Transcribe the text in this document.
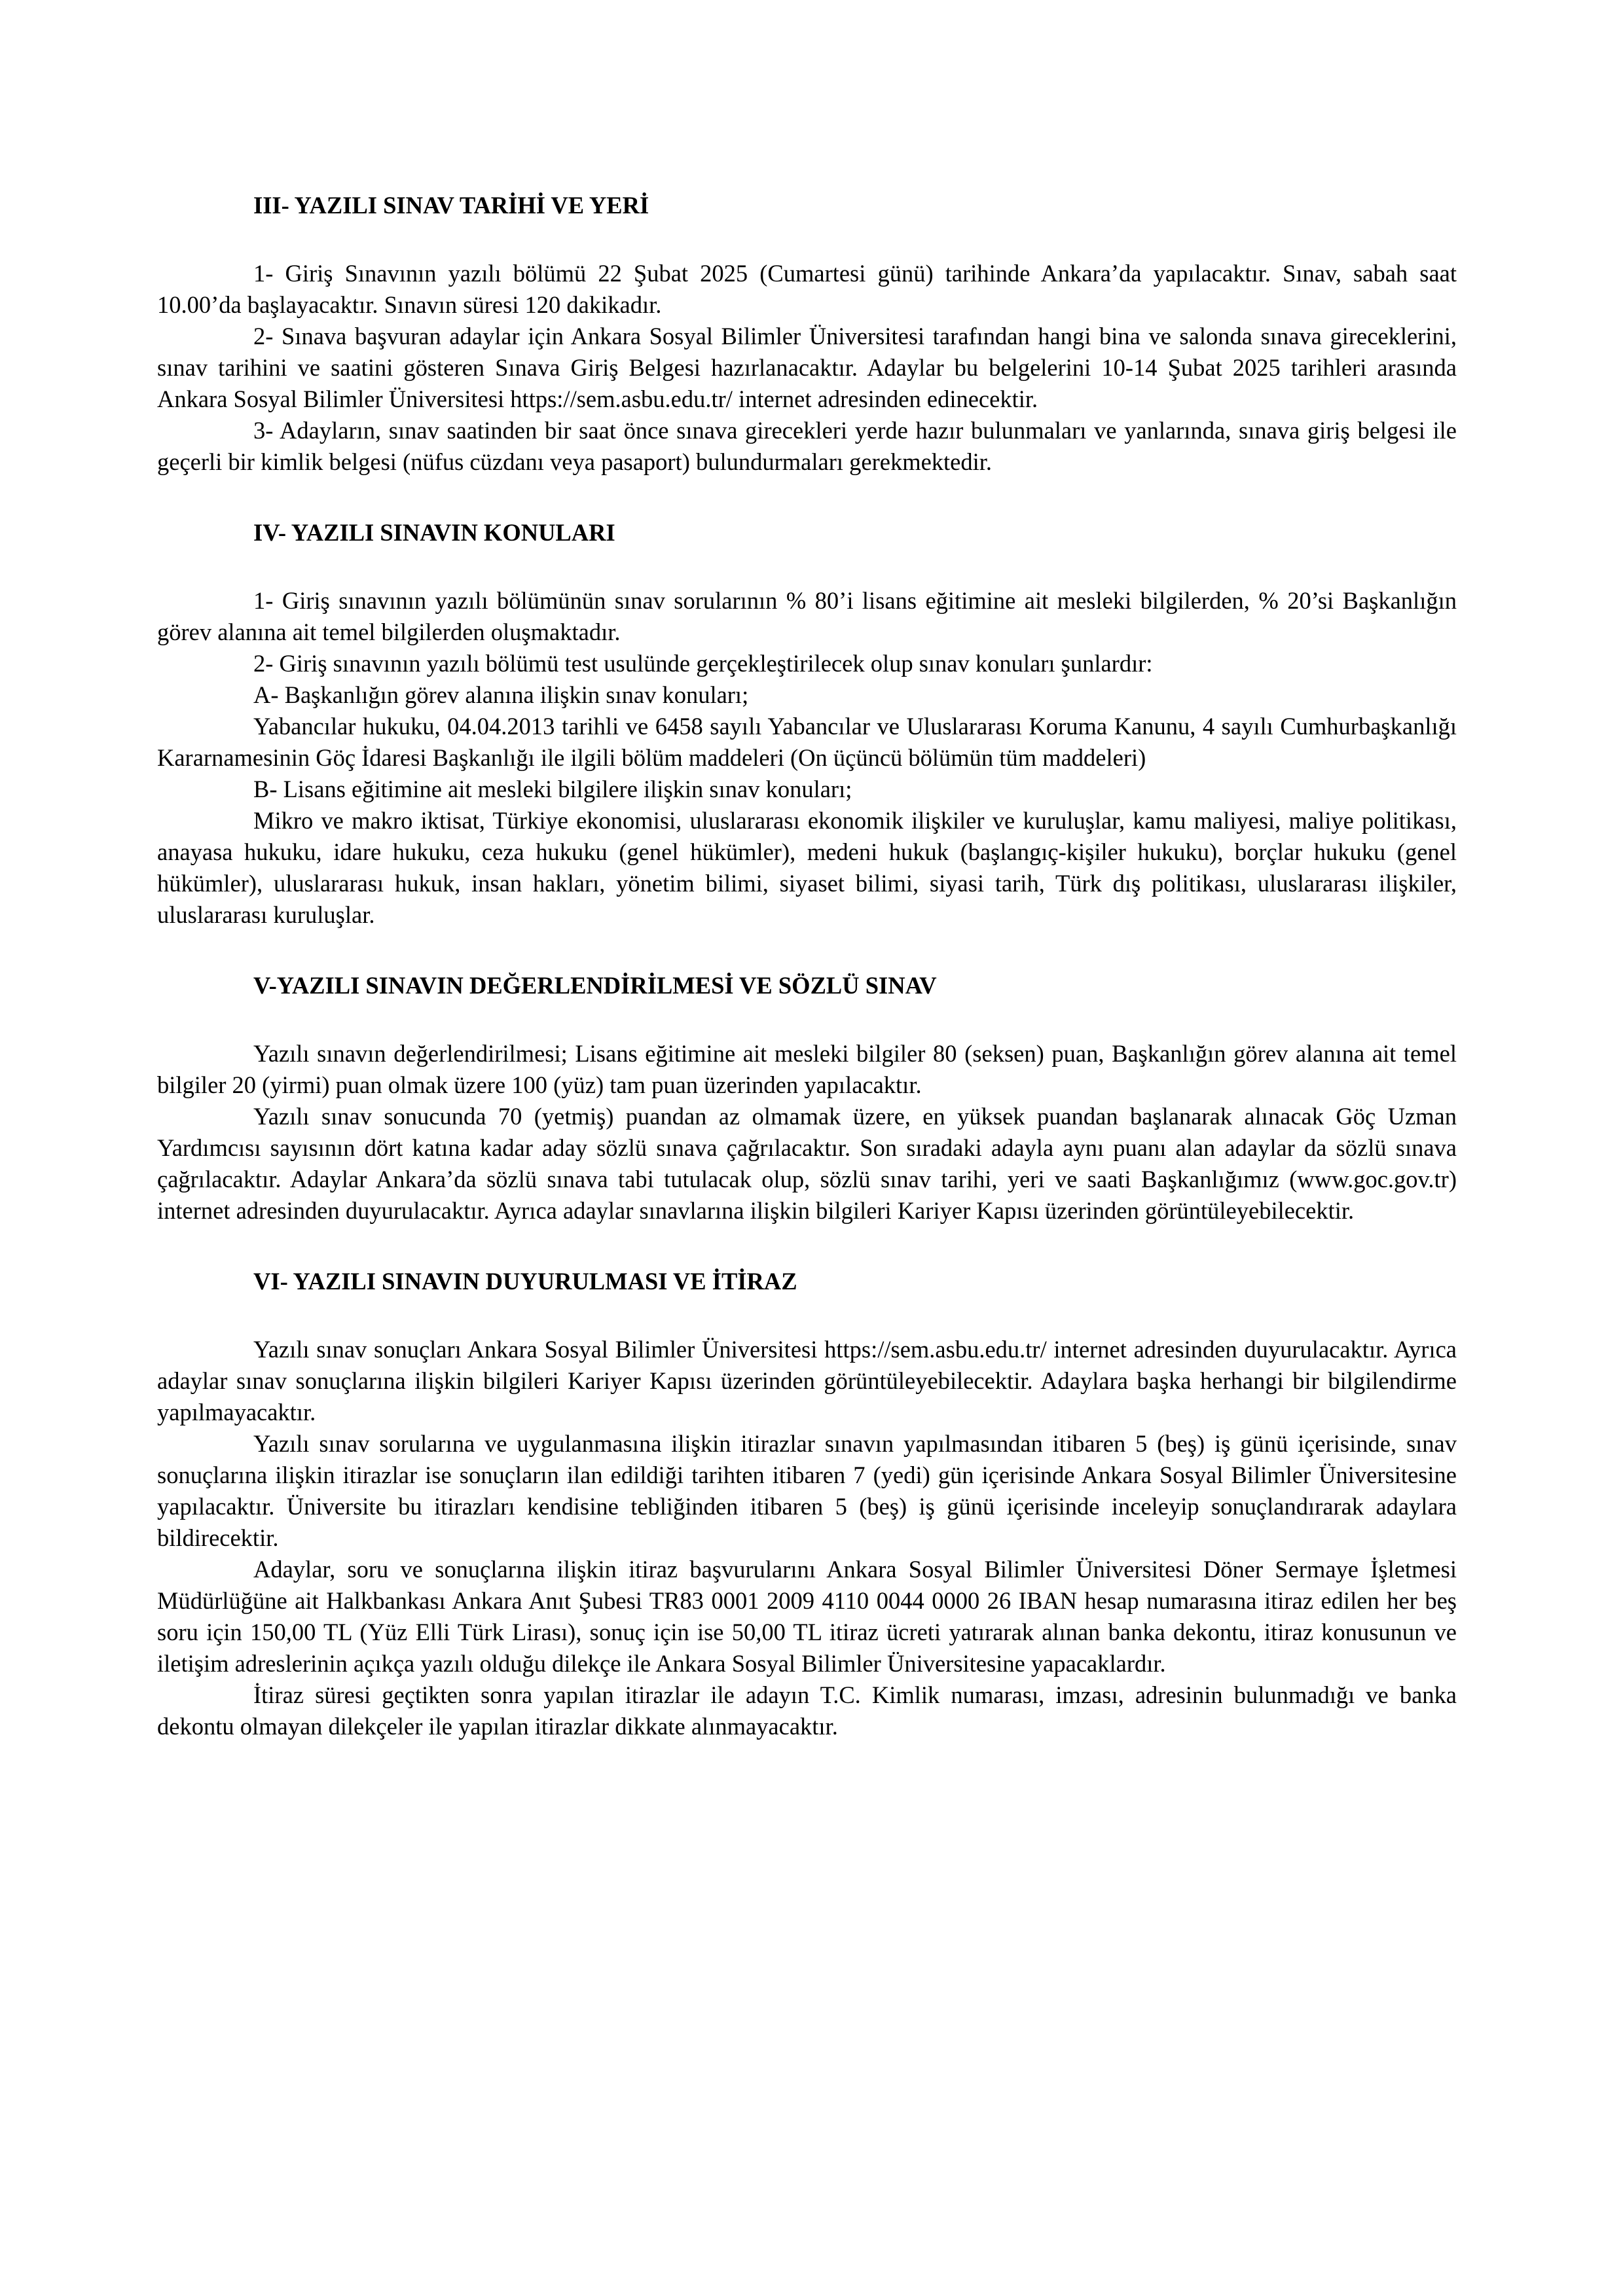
III- YAZILI SINAV TARİHİ VE YERİ

1- Giriş Sınavının yazılı bölümü 22 Şubat 2025 (Cumartesi günü) tarihinde Ankara’da yapılacaktır. Sınav, sabah saat 10.00’da başlayacaktır. Sınavın süresi 120 dakikadır.

2- Sınava başvuran adaylar için Ankara Sosyal Bilimler Üniversitesi tarafından hangi bina ve salonda sınava gireceklerini, sınav tarihini ve saatini gösteren Sınava Giriş Belgesi hazırlanacaktır. Adaylar bu belgelerini 10-14 Şubat 2025 tarihleri arasında Ankara Sosyal Bilimler Üniversitesi https://sem.asbu.edu.tr/ internet adresinden edinecektir.

3- Adayların, sınav saatinden bir saat önce sınava girecekleri yerde hazır bulunmaları ve yanlarında, sınava giriş belgesi ile geçerli bir kimlik belgesi (nüfus cüzdanı veya pasaport) bulundurmaları gerekmektedir.

IV- YAZILI SINAVIN KONULARI

1- Giriş sınavının yazılı bölümünün sınav sorularının % 80’i lisans eğitimine ait mesleki bilgilerden, % 20’si Başkanlığın görev alanına ait temel bilgilerden oluşmaktadır.

2- Giriş sınavının yazılı bölümü test usulünde gerçekleştirilecek olup sınav konuları şunlardır:

A- Başkanlığın görev alanına ilişkin sınav konuları;

Yabancılar hukuku, 04.04.2013 tarihli ve 6458 sayılı Yabancılar ve Uluslararası Koruma Kanunu, 4 sayılı Cumhurbaşkanlığı Kararnamesinin Göç İdaresi Başkanlığı ile ilgili bölüm maddeleri (On üçüncü bölümün tüm maddeleri)

B- Lisans eğitimine ait mesleki bilgilere ilişkin sınav konuları;

Mikro ve makro iktisat, Türkiye ekonomisi, uluslararası ekonomik ilişkiler ve kuruluşlar, kamu maliyesi, maliye politikası, anayasa hukuku, idare hukuku, ceza hukuku (genel hükümler), medeni hukuk (başlangıç-kişiler hukuku), borçlar hukuku (genel hükümler), uluslararası hukuk, insan hakları, yönetim bilimi, siyaset bilimi, siyasi tarih, Türk dış politikası, uluslararası ilişkiler, uluslararası kuruluşlar.

V-YAZILI SINAVIN DEĞERLENDİRİLMESİ VE SÖZLÜ SINAV

Yazılı sınavın değerlendirilmesi; Lisans eğitimine ait mesleki bilgiler 80 (seksen) puan, Başkanlığın görev alanına ait temel bilgiler 20 (yirmi) puan olmak üzere 100 (yüz) tam puan üzerinden yapılacaktır.

Yazılı sınav sonucunda 70 (yetmiş) puandan az olmamak üzere, en yüksek puandan başlanarak alınacak Göç Uzman Yardımcısı sayısının dört katına kadar aday sözlü sınava çağrılacaktır. Son sıradaki adayla aynı puanı alan adaylar da sözlü sınava çağrılacaktır. Adaylar Ankara’da sözlü sınava tabi tutulacak olup, sözlü sınav tarihi, yeri ve saati Başkanlığımız (www.goc.gov.tr) internet adresinden duyurulacaktır. Ayrıca adaylar sınavlarına ilişkin bilgileri Kariyer Kapısı üzerinden görüntüleyebilecektir.

VI- YAZILI SINAVIN DUYURULMASI VE İTİRAZ

Yazılı sınav sonuçları Ankara Sosyal Bilimler Üniversitesi https://sem.asbu.edu.tr/ internet adresinden duyurulacaktır. Ayrıca adaylar sınav sonuçlarına ilişkin bilgileri Kariyer Kapısı üzerinden görüntüleyebilecektir. Adaylara başka herhangi bir bilgilendirme yapılmayacaktır.

Yazılı sınav sorularına ve uygulanmasına ilişkin itirazlar sınavın yapılmasından itibaren 5 (beş) iş günü içerisinde, sınav sonuçlarına ilişkin itirazlar ise sonuçların ilan edildiği tarihten itibaren 7 (yedi) gün içerisinde Ankara Sosyal Bilimler Üniversitesine yapılacaktır. Üniversite bu itirazları kendisine tebliğinden itibaren 5 (beş) iş günü içerisinde inceleyip sonuçlandırarak adaylara bildirecektir.

Adaylar, soru ve sonuçlarına ilişkin itiraz başvurularını Ankara Sosyal Bilimler Üniversitesi Döner Sermaye İşletmesi Müdürlüğüne ait Halkbankası Ankara Anıt Şubesi TR83 0001 2009 4110 0044 0000 26 IBAN hesap numarasına itiraz edilen her beş soru için 150,00 TL (Yüz Elli Türk Lirası), sonuç için ise 50,00 TL itiraz ücreti yatırarak alınan banka dekontu, itiraz konusunun ve iletişim adreslerinin açıkça yazılı olduğu dilekçe ile Ankara Sosyal Bilimler Üniversitesine yapacaklardır.

İtiraz süresi geçtikten sonra yapılan itirazlar ile adayın T.C. Kimlik numarası, imzası, adresinin bulunmadığı ve banka dekontu olmayan dilekçeler ile yapılan itirazlar dikkate alınmayacaktır.
